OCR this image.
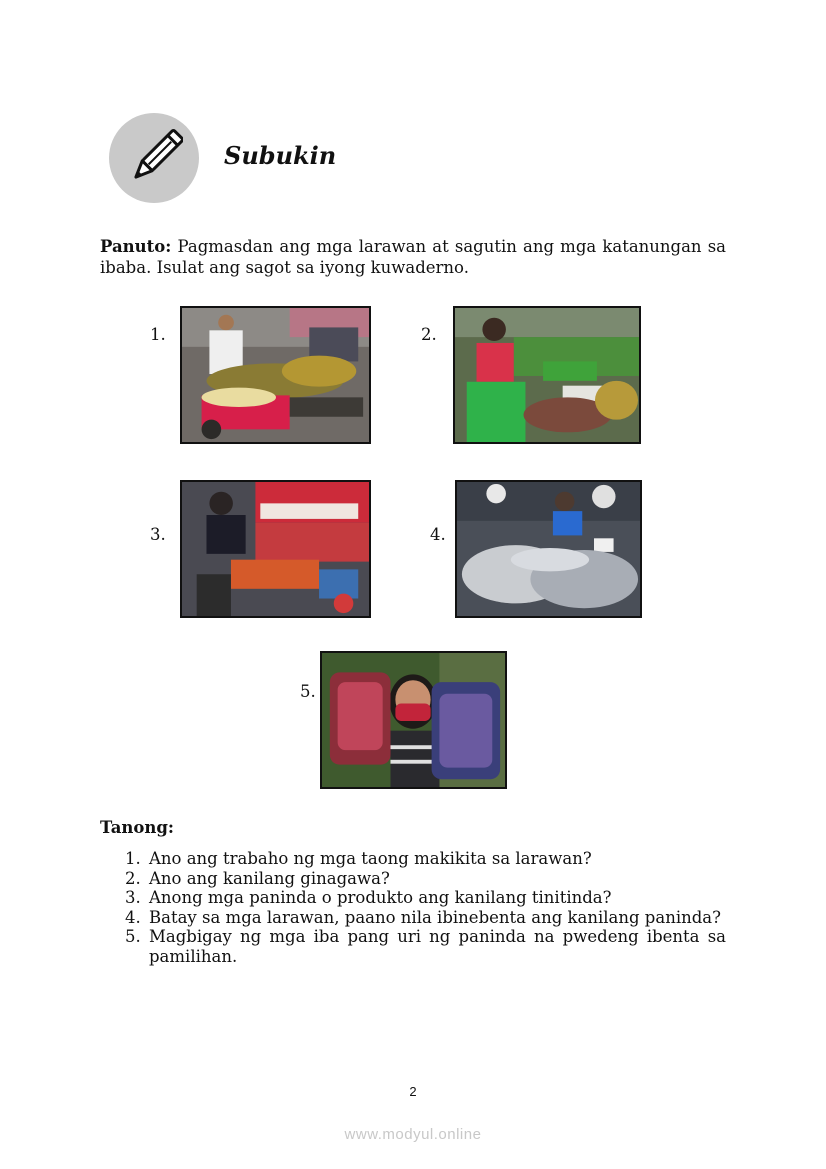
Subukin

Panuto: Pagmasdan ang mga larawan at sagutin ang mga katanungan sa ibaba. Isulat ang sagot sa iyong kuwaderno.

1.	2.
3.	4.
5.
Tanong:
1. Ano ang trabaho ng mga taong makikita sa larawan?
2. Ano ang kanilang ginagawa?
3. Anong mga paninda o produkto ang kanilang tinitinda?
4. Batay sa mga larawan, paano nila ibinebenta ang kanilang paninda?
5. Magbigay ng mga iba pang uri ng paninda na pwedeng ibenta sa pamilihan.
2
www.modyul.online
